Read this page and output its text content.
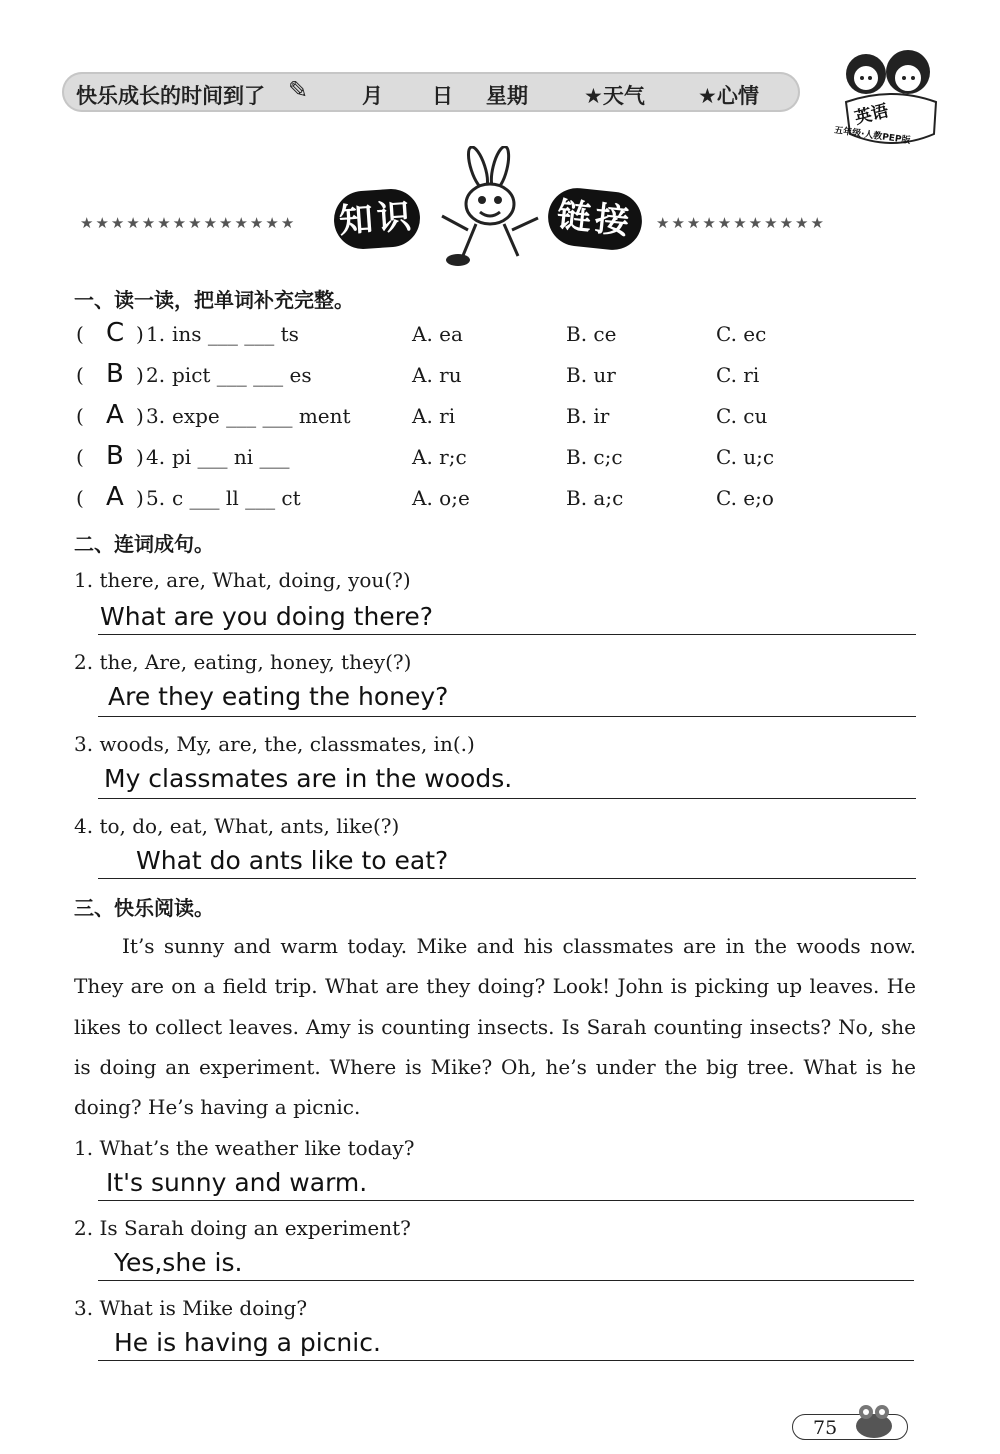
快乐成长的时间到了 ✎	月 日 星期	★天气	★心情
英语
五年级·人教PEP版
★★★★★★★★★★★★★★ 知识	链接	★★★★★★★★★★★
一、读一读，把单词补充完整。
( C ) 1. ins ___ ___ ts	A. ea	B. ce	C. ec
( B ) 2. pict ___ ___ es	A. ru	B. ur	C. ri
( A ) 3. expe ___ ___ ment	A. ri	B. ir	C. cu
( B ) 4. pi ___ ni ___	A. r;c	B. c;c	C. u;c
( A ) 5. c ___ ll ___ ct	A. o;e	B. a;c	C. e;o
二、连词成句。
1. there, are, What, doing, you(?)
What are you doing there?
2. the, Are, eating, honey, they(?)
Are they eating the honey?
3. woods, My, are, the, classmates, in(.)
My classmates are in the woods.
4. to, do, eat, What, ants, like(?)
What do ants like to eat?
三、快乐阅读。

It’s sunny and warm today. Mike and his classmates are in the woods now. They are on a field trip. What are they doing? Look! John is picking up leaves. He likes to collect leaves. Amy is counting insects. Is Sarah counting insects? No, she is doing an experiment. Where is Mike? Oh, he’s under the big tree. What is he doing? He’s having a picnic.

1. What’s the weather like today?
It's sunny and warm.
2. Is Sarah doing an experiment?
Yes,she is.
3. What is Mike doing?
He is having a picnic.
75
